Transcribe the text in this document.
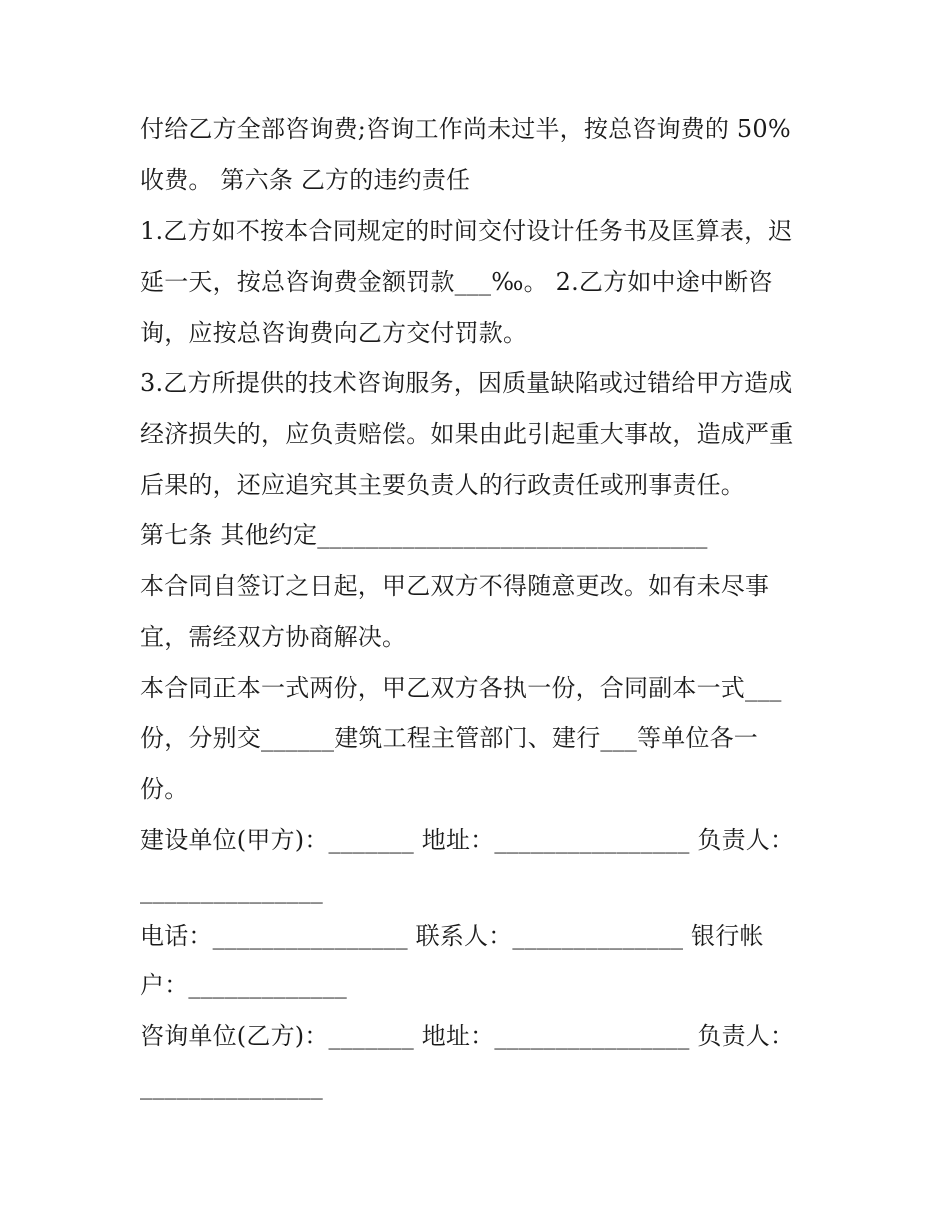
付给乙方全部咨询费;咨询工作尚未过半，按总咨询费的 50%
收费。 第六条 乙方的违约责任
1.乙方如不按本合同规定的时间交付设计任务书及匡算表，迟
延一天，按总咨询费金额罚款___‰。 2.乙方如中途中断咨
询，应按总咨询费向乙方交付罚款。
3.乙方所提供的技术咨询服务，因质量缺陷或过错给甲方造成
经济损失的，应负责赔偿。如果由此引起重大事故，造成严重
后果的，还应追究其主要负责人的行政责任或刑事责任。
第七条 其他约定________________________________
本合同自签订之日起，甲乙双方不得随意更改。如有未尽事
宜，需经双方协商解决。
本合同正本一式两份，甲乙双方各执一份，合同副本一式___
份，分别交______建筑工程主管部门、建行___等单位各一
份。
建设单位(甲方)：_______ 地址：________________ 负责人：
_______________
电话：________________ 联系人：______________ 银行帐
户：_____________
咨询单位(乙方)：_______ 地址：________________ 负责人：
_______________
